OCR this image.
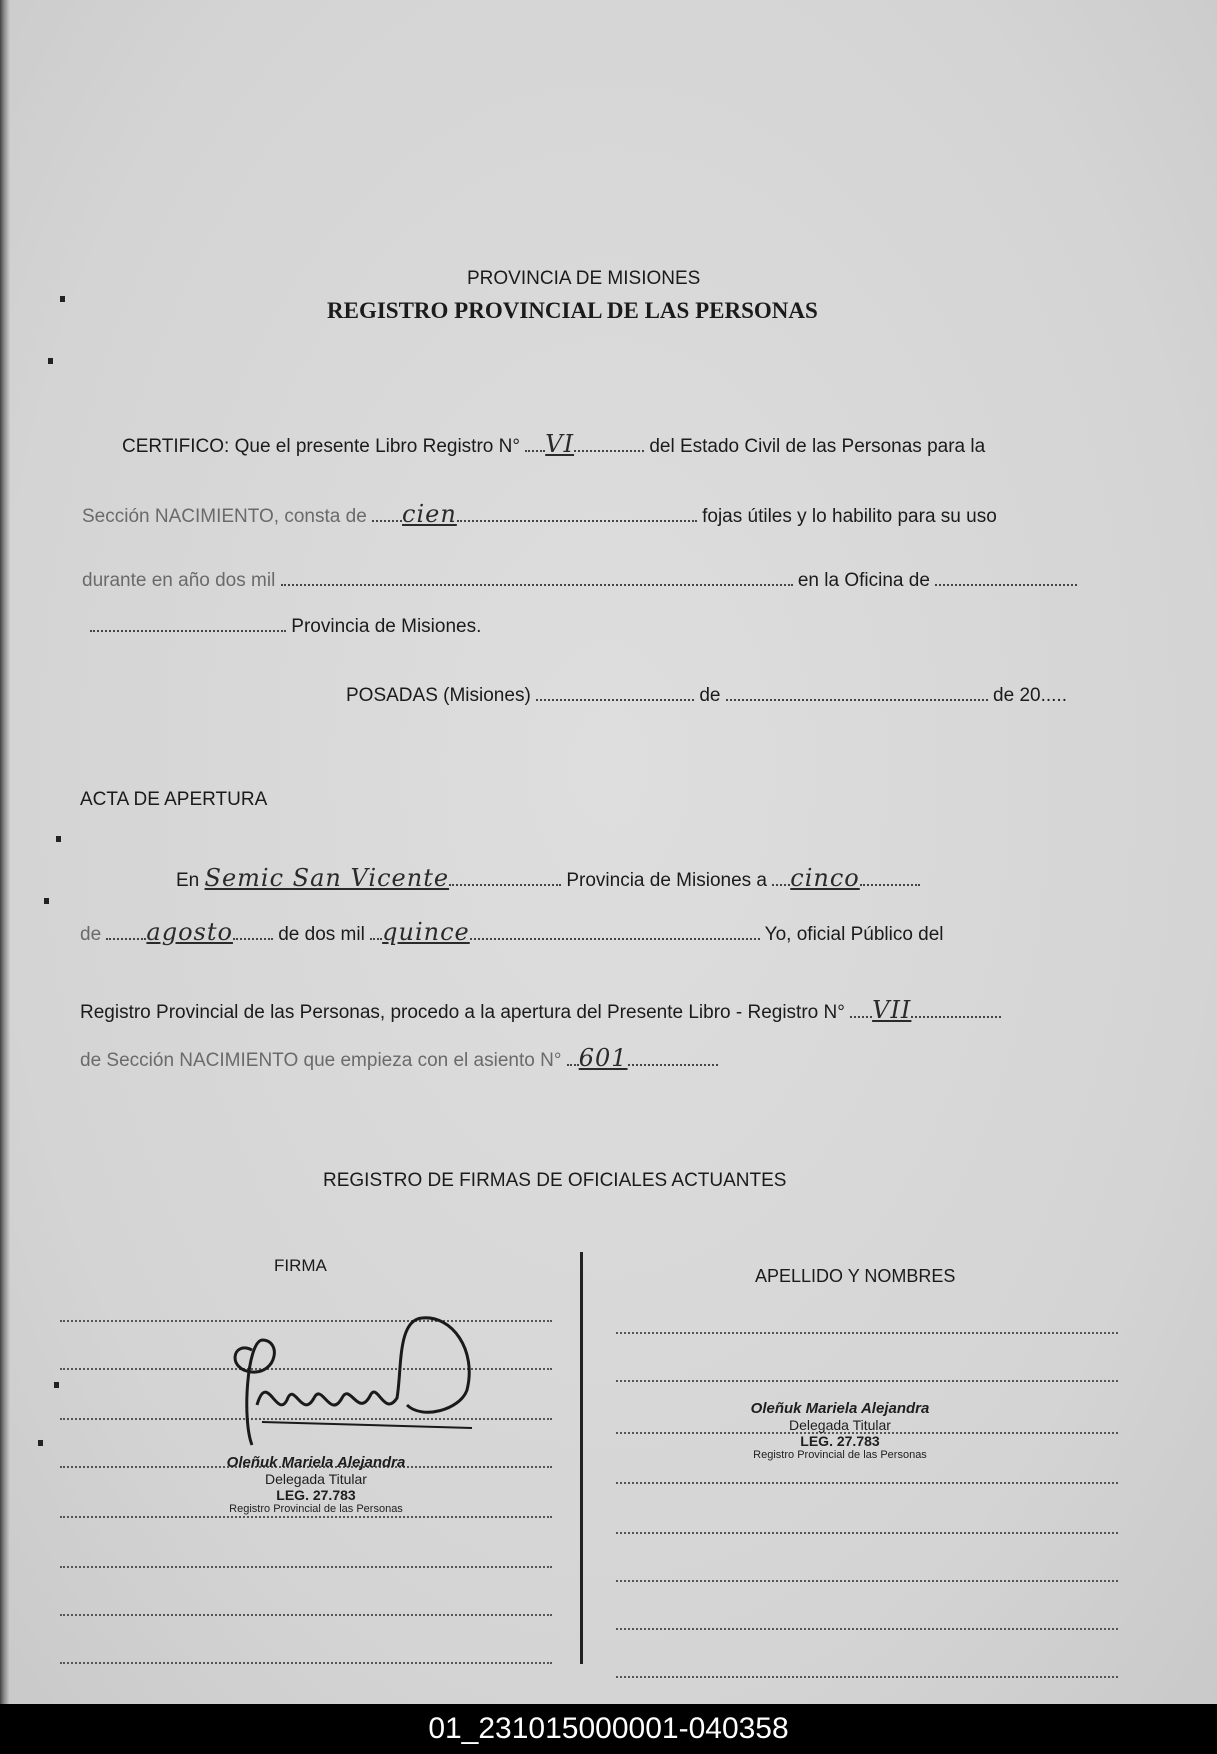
PROVINCIA DE MISIONES
REGISTRO PROVINCIAL DE LAS PERSONAS
CERTIFICO: Que el presente Libro Registro N° VI	del Estado Civil de las Personas para la
Sección NACIMIENTO, consta de cien	fojas útiles y lo habilito para su uso
durante en año dos mil	en la Oficina de
Provincia de Misiones.
POSADAS (Misiones)	de	de 20.....
ACTA DE APERTURA
En Semic San Vicente	Provincia de Misiones a cinco
de agosto de dos mil quince	Yo, oficial Público del
Registro Provincial de las Personas, procedo a la apertura del Presente Libro - Registro N° VII
de Sección NACIMIENTO que empieza con el asiento N° 601
REGISTRO DE FIRMAS DE OFICIALES ACTUANTES
FIRMA
APELLIDO Y NOMBRES
Oleñuk Mariela Alejandra
Delegada Titular
LEG. 27.783
Registro Provincial de las Personas
Oleñuk Mariela Alejandra
Delegada Titular
LEG. 27.783
Registro Provincial de las Personas
01_231015000001-040358
